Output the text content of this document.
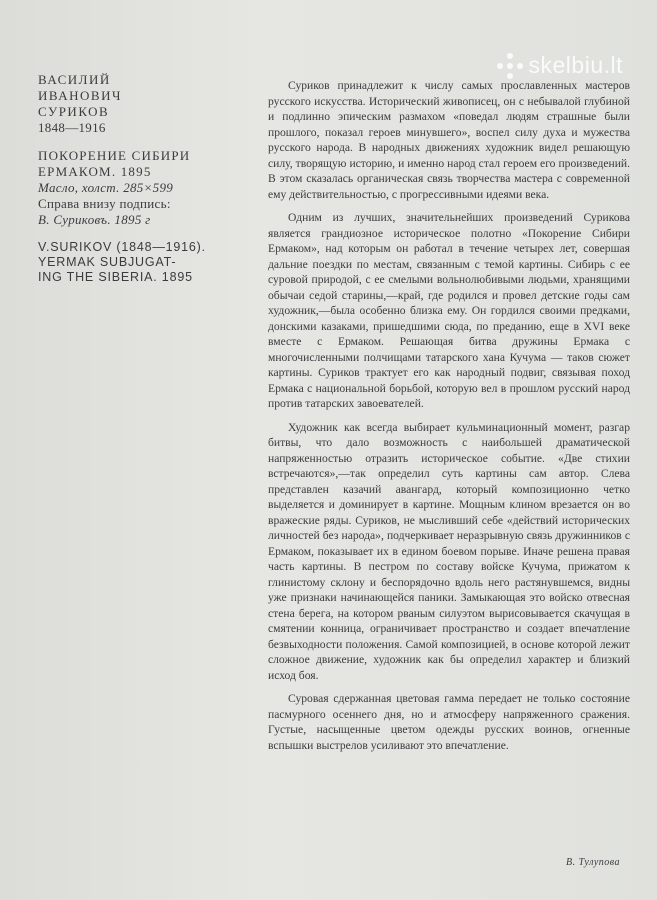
skelbiu.lt
ВАСИЛИЙ
ИВАНОВИЧ
СУРИКОВ
1848—1916
ПОКОРЕНИЕ СИБИРИ
ЕРМАКОМ. 1895
Масло, холст. 285×599
Справа внизу подпись:
В. Суриковъ. 1895 г
V.SURIKOV (1848—1916).
YERMAK SUBJUGAT-
ING THE SIBERIA. 1895

Суриков принадлежит к числу самых прославленных мастеров русского искусства. Исторический живописец, он с небывалой глубиной и подлинно эпическим размахом «поведал людям страшные были прошлого, показал героев минувшего», воспел силу духа и мужества русского народа. В народных движениях художник видел решающую силу, творящую историю, и именно народ стал героем его произведений. В этом сказалась органическая связь творчества мастера с современной ему действительностью, с прогрессивными идеями века.

Одним из лучших, значительнейших произведений Сурикова является грандиозное историческое полотно «Покорение Сибири Ермаком», над которым он работал в течение четырех лет, совершая дальние поездки по местам, связанным с темой картины. Сибирь с ее суровой природой, с ее смелыми вольнолюбивыми людьми, хранящими обычаи седой старины,—край, где родился и провел детские годы сам художник,—была особенно близка ему. Он гордился своими предками, донскими казаками, пришедшими сюда, по преданию, еще в XVI веке вместе с Ермаком. Решающая битва дружины Ермака с многочисленными полчищами татарского хана Кучума — таков сюжет картины. Суриков трактует его как народный подвиг, связывая поход Ермака с национальной борьбой, которую вел в прошлом русский народ против татарских завоевателей.

Художник как всегда выбирает кульминационный момент, разгар битвы, что дало возможность с наибольшей драматической напряженностью отразить историческое событие. «Две стихии встречаются»,—так определил суть картины сам автор. Слева представлен казачий авангард, который композиционно четко выделяется и доминирует в картине. Мощным клином врезается он во вражеские ряды. Суриков, не мысливший себе «действий исторических личностей без народа», подчеркивает неразрывную связь дружинников с Ермаком, показывает их в едином боевом порыве. Иначе решена правая часть картины. В пестром по составу войске Кучума, прижатом к глинистому склону и беспорядочно вдоль него растянувшемся, видны уже признаки начинающейся паники. Замыкающая это войско отвесная стена берега, на котором рваным силуэтом вырисовывается скачущая в смятении конница, ограничивает пространство и создает впечатление безвыходности положения. Самой композицией, в основе которой лежит сложное движение, художник как бы определил характер и близкий исход боя.

Суровая сдержанная цветовая гамма передает не только состояние пасмурного осеннего дня, но и атмосферу напряженного сражения. Густые, насыщенные цветом одежды русских воинов, огненные вспышки выстрелов усиливают это впечатление.

В. Тулупова
